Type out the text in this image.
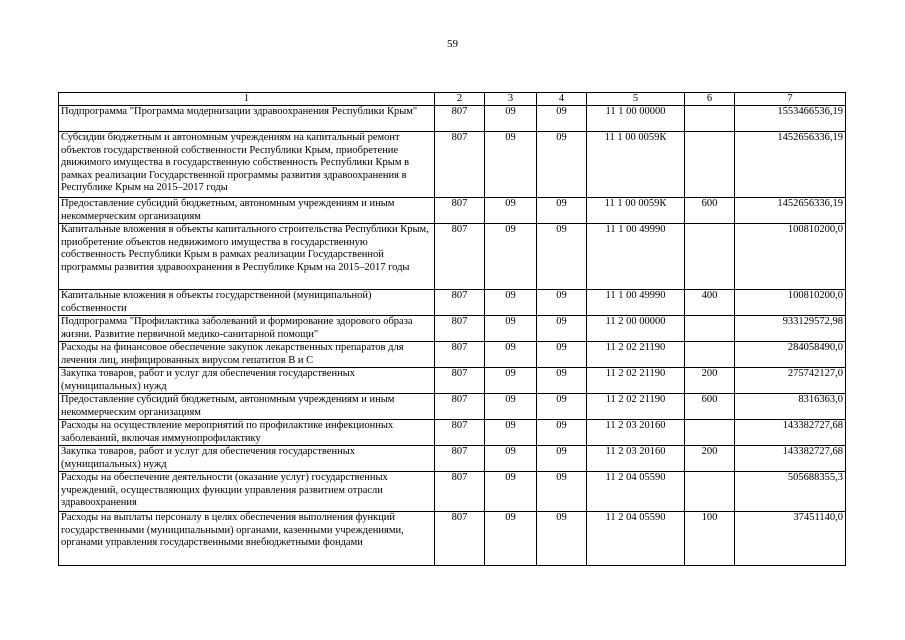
59
1	2	3	4	5	6	7
Подпрограмма "Программа модернизации здравоохранения Республики Крым"	807	09	09	11 1 00 00000		1553466536,19
Субсидии бюджетным и автономным учреждениям на капитальный ремонт объектов государственной собственности Республики Крым, приобретение движимого имущества в государственную собственность Республики Крым в рамках реализации Государственной программы развития здравоохранения в Республике Крым на 2015–2017 годы	807	09	09	11 1 00 0059К		1452656336,19
Предоставление субсидий бюджетным, автономным учреждениям и иным некоммерческим организациям	807	09	09	11 1 00 0059К	600	1452656336,19
Капитальные вложения в объекты капитального строительства Республики Крым, приобретение объектов недвижимого имущества в государственную собственность Республики Крым в рамках реализации Государственной программы развития здравоохранения в Республике Крым на 2015–2017 годы	807	09	09	11 1 00 49990		100810200,0
Капитальные вложения в объекты государственной (муниципальной) собственности	807	09	09	11 1 00 49990	400	100810200,0
Подпрограмма "Профилактика заболеваний и формирование здорового образа жизни. Развитие первичной медико-санитарной помощи"	807	09	09	11 2 00 00000		933129572,98
Расходы на финансовое обеспечение закупок лекарственных препаратов для лечения лиц, инфицированных вирусом гепатитов В и С	807	09	09	11 2 02 21190		284058490,0
Закупка товаров, работ и услуг для обеспечения государственных (муниципальных) нужд	807	09	09	11 2 02 21190	200	275742127,0
Предоставление субсидий бюджетным, автономным учреждениям и иным некоммерческим организациям	807	09	09	11 2 02 21190	600	8316363,0
Расходы на осуществление мероприятий по профилактике инфекционных заболеваний, включая иммунопрофилактику	807	09	09	11 2 03 20160		143382727,68
Закупка товаров, работ и услуг для обеспечения государственных (муниципальных) нужд	807	09	09	11 2 03 20160	200	143382727,68
Расходы на обеспечение деятельности (оказание услуг) государственных учреждений, осуществляющих функции управления развитием отрасли здравоохранения	807	09	09	11 2 04 05590		505688355,3
Расходы на выплаты персоналу в целях обеспечения выполнения функций государственными (муниципальными) органами, казенными учреждениями, органами управления государственными внебюджетными фондами	807	09	09	11 2 04 05590	100	37451140,0
